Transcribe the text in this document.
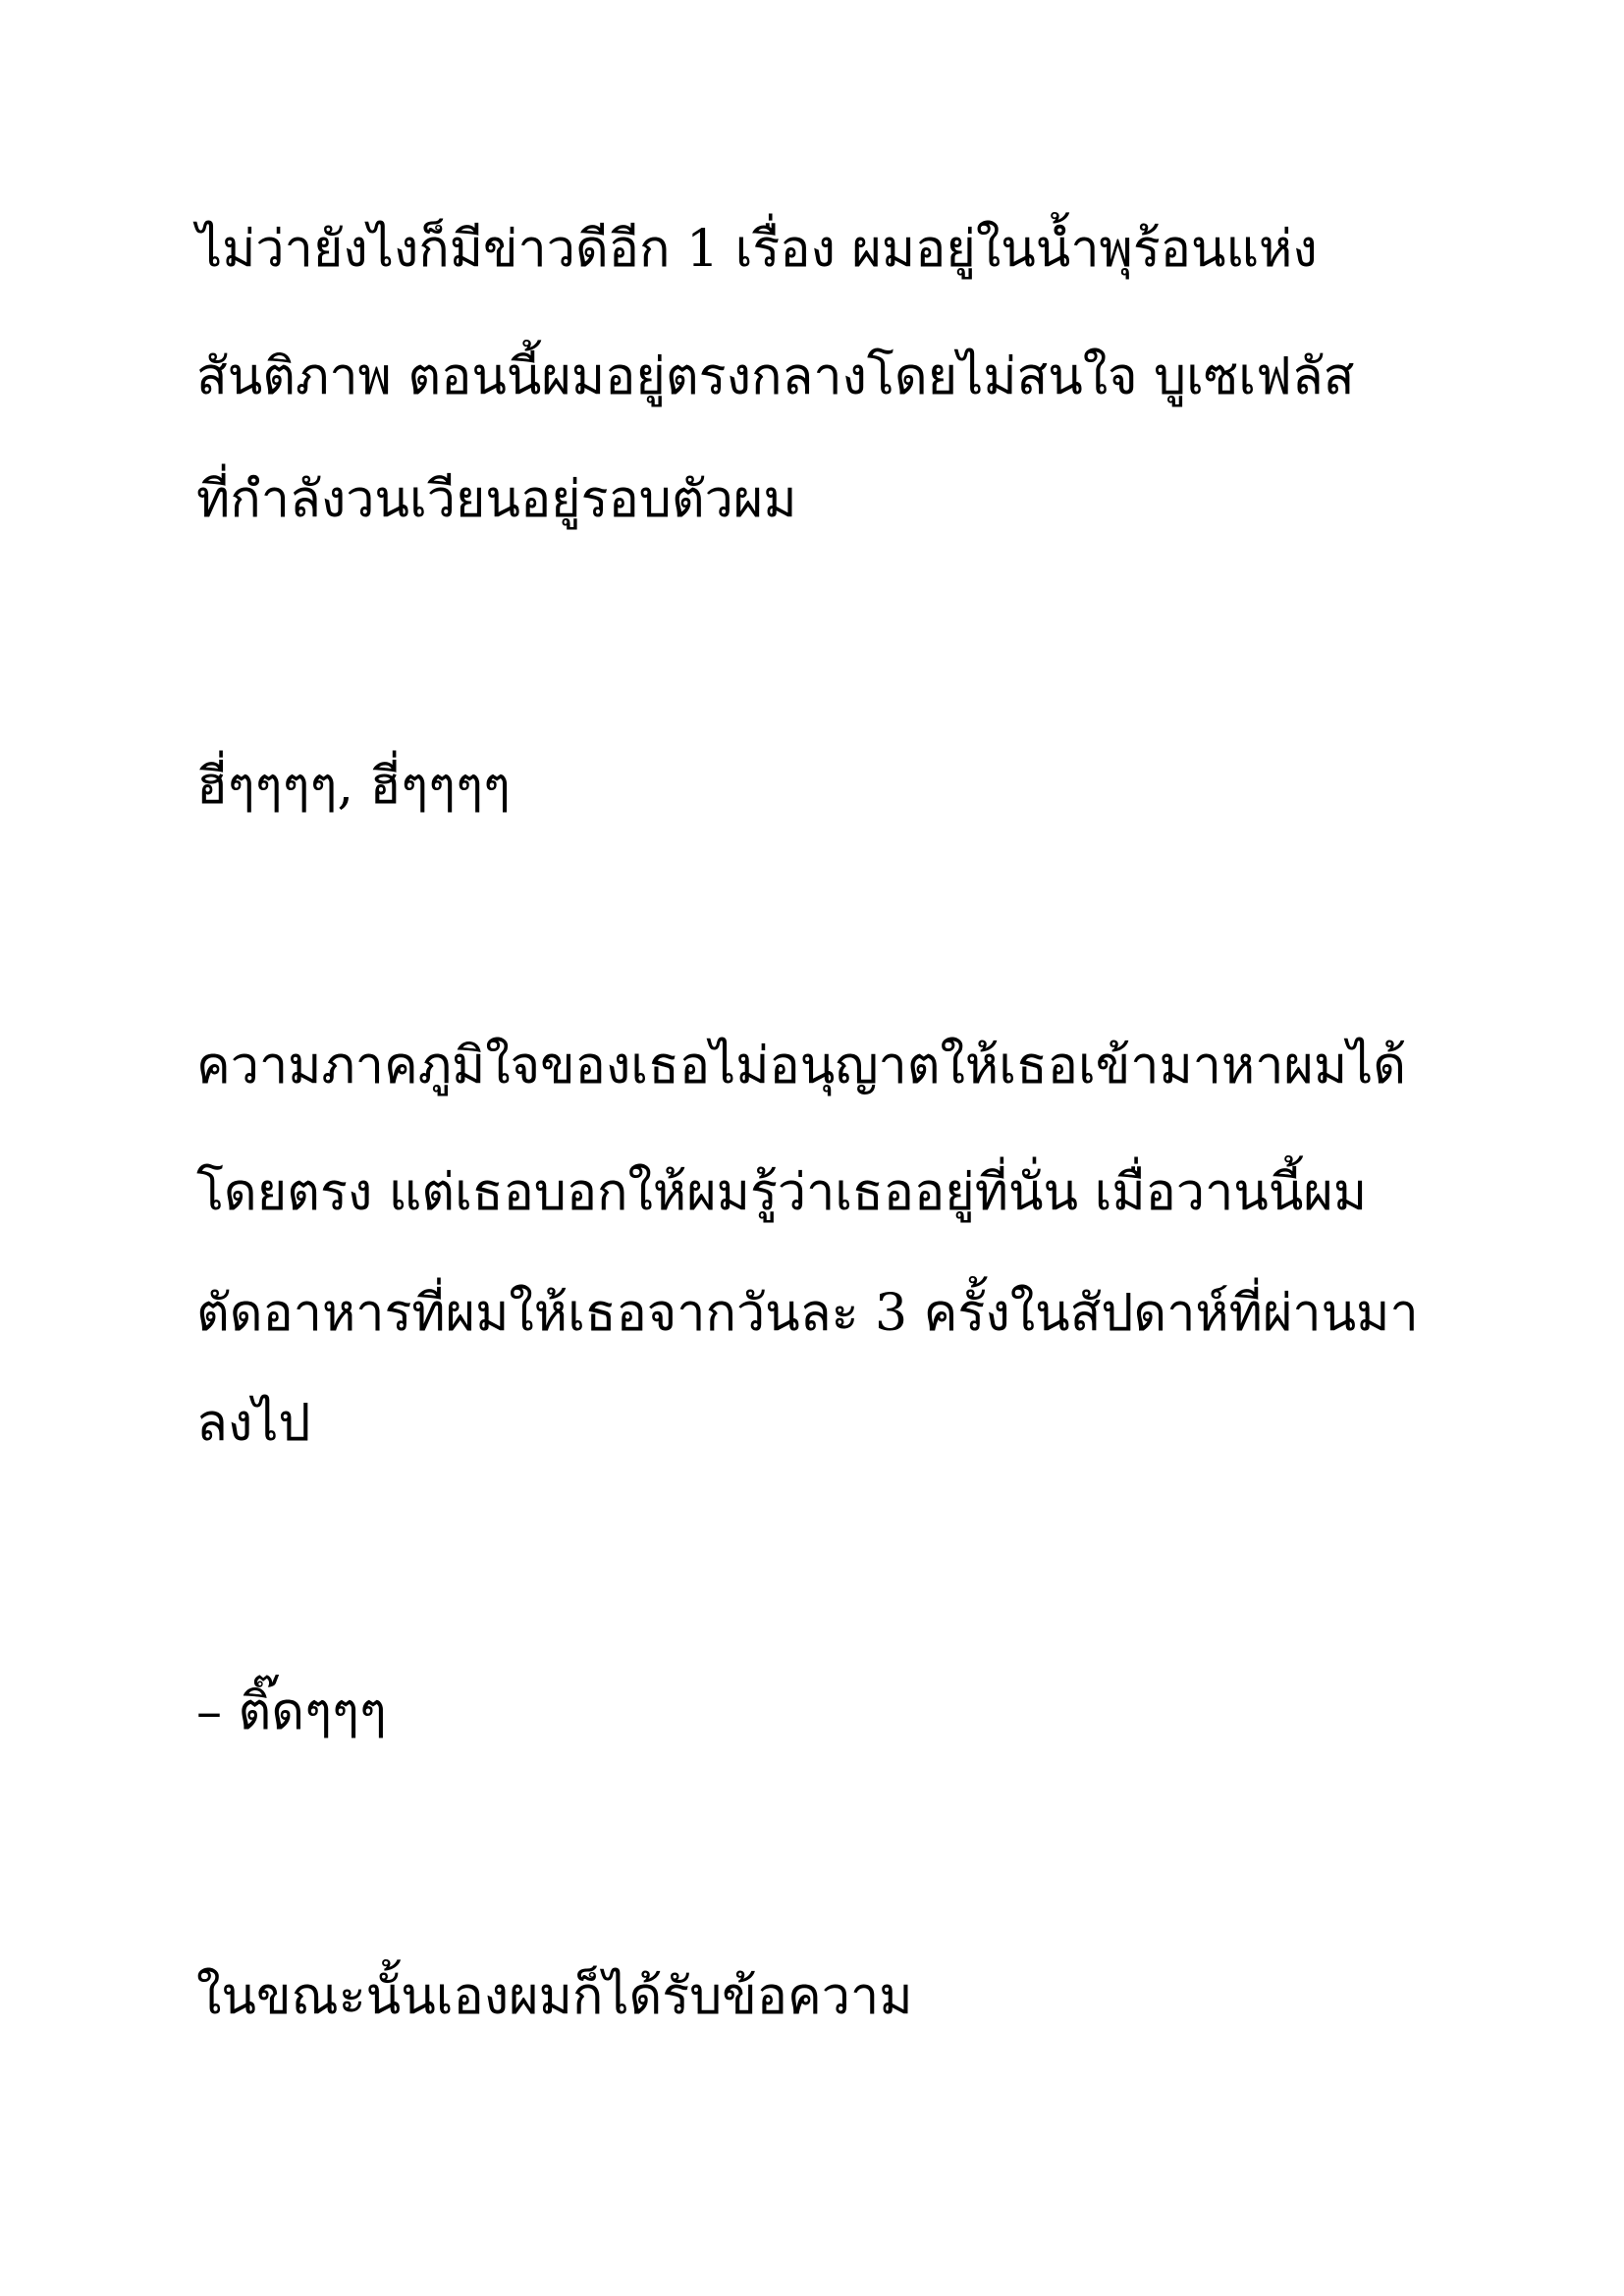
ไม่ว่ายังไงก็มีข่าวดีอีก 1 เรื่อง ผมอยู่ในน้ำพุร้อนแห่ง

สันติภาพ ตอนนี้ผมอยู่ตรงกลางโดยไม่สนใจ บูเซเฟลัส

ที่กำลังวนเวียนอยู่รอบตัวผม

ฮี่ๆๆๆๆ, ฮี่ๆๆๆๆ

ความภาคภูมิใจของเธอไม่อนุญาตให้เธอเข้ามาหาผมได้

โดยตรง แต่เธอบอกให้ผมรู้ว่าเธออยู่ที่นั่น เมื่อวานนี้ผม

ตัดอาหารที่ผมให้เธอจากวันละ 3 ครั้งในสัปดาห์ที่ผ่านมา

ลงไป

– ติ๊ดๆๆๆ

ในขณะนั้นเองผมก็ได้รับข้อความ
